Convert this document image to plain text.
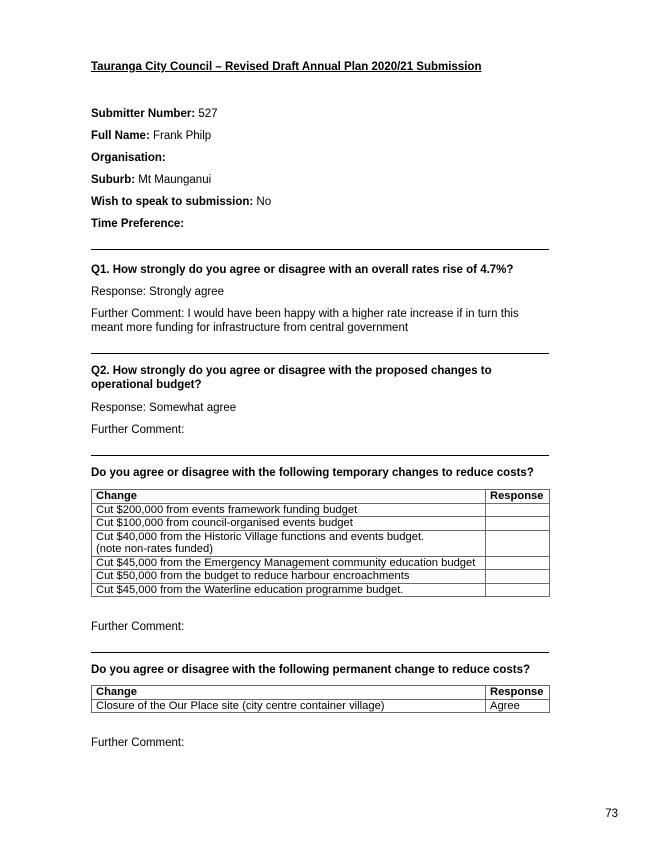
Tauranga City Council – Revised Draft Annual Plan 2020/21 Submission
Submitter Number: 527
Full Name: Frank Philp
Organisation:
Suburb: Mt Maunganui
Wish to speak to submission: No
Time Preference:
Q1. How strongly do you agree or disagree with an overall rates rise of 4.7%?
Response: Strongly agree
Further Comment: I would have been happy with a higher rate increase if in turn this meant more funding for infrastructure from central government
Q2. How strongly do you agree or disagree with the proposed changes to operational budget?
Response: Somewhat agree
Further Comment:
Do you agree or disagree with the following temporary changes to reduce costs?
Change	Response
Cut $200,000 from events framework funding budget	
Cut $100,000 from council-organised events budget	

Cut $40,000 from the Historic Village functions and events budget.
(note non-rates funded)	

Cut $45,000 from the Emergency Management community education budget	
Cut $50,000 from the budget to reduce harbour encroachments	
Cut $45,000 from the Waterline education programme budget.	
Further Comment:
Do you agree or disagree with the following permanent change to reduce costs?
Change	Response
Closure of the Our Place site (city centre container village)	Agree
Further Comment:
73
